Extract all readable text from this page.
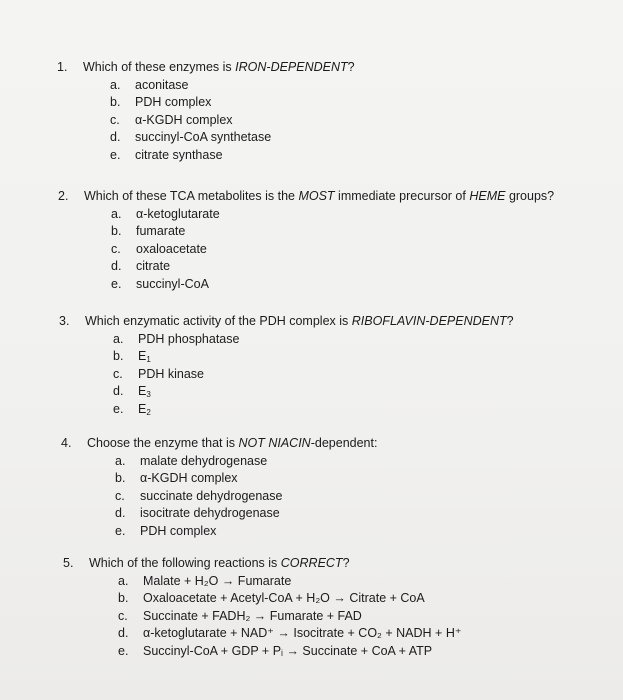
1. Which of these enzymes is IRON-DEPENDENT?
a. aconitase
b. PDH complex
c. α-KGDH complex
d. succinyl-CoA synthetase
e. citrate synthase
2. Which of these TCA metabolites is the MOST immediate precursor of HEME groups?
a. α-ketoglutarate
b. fumarate
c. oxaloacetate
d. citrate
e. succinyl-CoA
3. Which enzymatic activity of the PDH complex is RIBOFLAVIN-DEPENDENT?
a. PDH phosphatase
b. $E_1$
c. PDH kinase
d. $E_3$
e. $E_2$
4. Choose the enzyme that is NOT NIACIN-dependent:
a. malate dehydrogenase
b. α-KGDH complex
c. succinate dehydrogenase
d. isocitrate dehydrogenase
e. PDH complex
5. Which of the following reactions is CORRECT?
a. Malate + H₂O → Fumarate
b. Oxaloacetate + Acetyl-CoA + H₂O → Citrate + CoA
c. Succinate + FADH₂ → Fumarate + FAD
d. α-ketoglutarate + NAD⁺ → Isocitrate + CO₂ + NADH + H⁺
e. Succinyl-CoA + GDP + Pᵢ → Succinate + CoA + ATP
